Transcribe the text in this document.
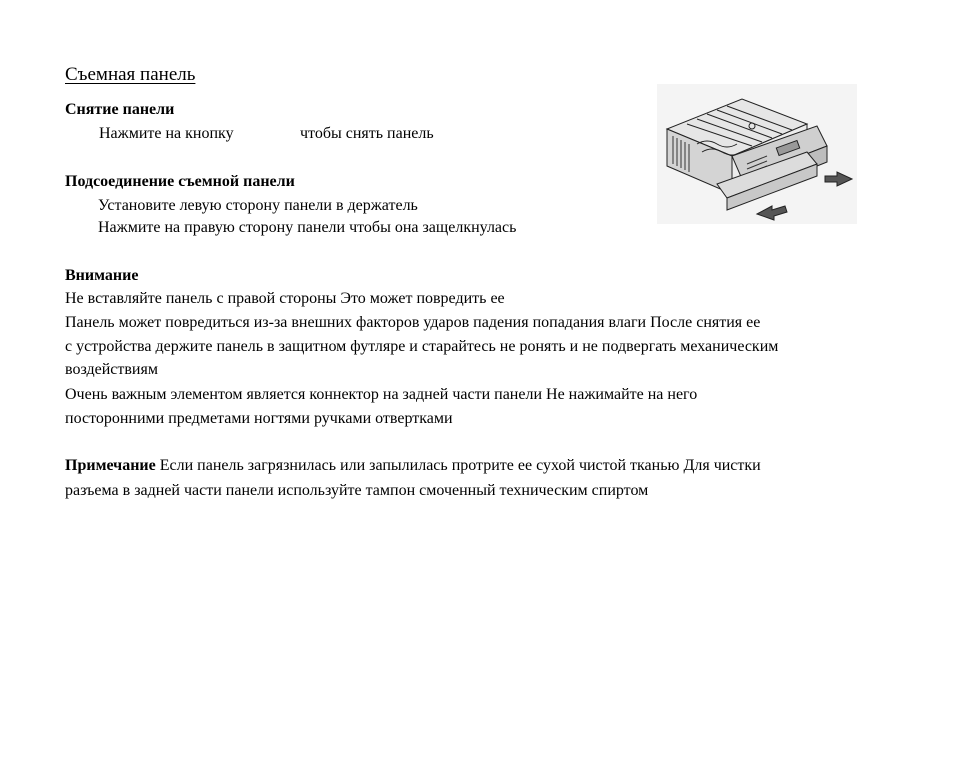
Съемная панель
Снятие панели
Нажмите на кнопку	чтобы снять панель
Подсоединение съемной панели
Установите левую сторону панели в держатель
Нажмите на правую сторону панели чтобы она защелкнулась
Внимание
Не вставляйте панель с правой стороны Это может повредить ее
Панель может повредиться из-за внешних факторов ударов падения попадания влаги После снятия ее
с устройства держите панель в защитном футляре и старайтесь не ронять и не подвергать механическим
воздействиям
Очень важным элементом является коннектор на задней части панели Не нажимайте на него
посторонними предметами ногтями ручками отвертками
Примечание Если панель загрязнилась или запылилась протрите ее сухой чистой тканью Для чистки
разъема в задней части панели используйте тампон смоченный техническим спиртом
